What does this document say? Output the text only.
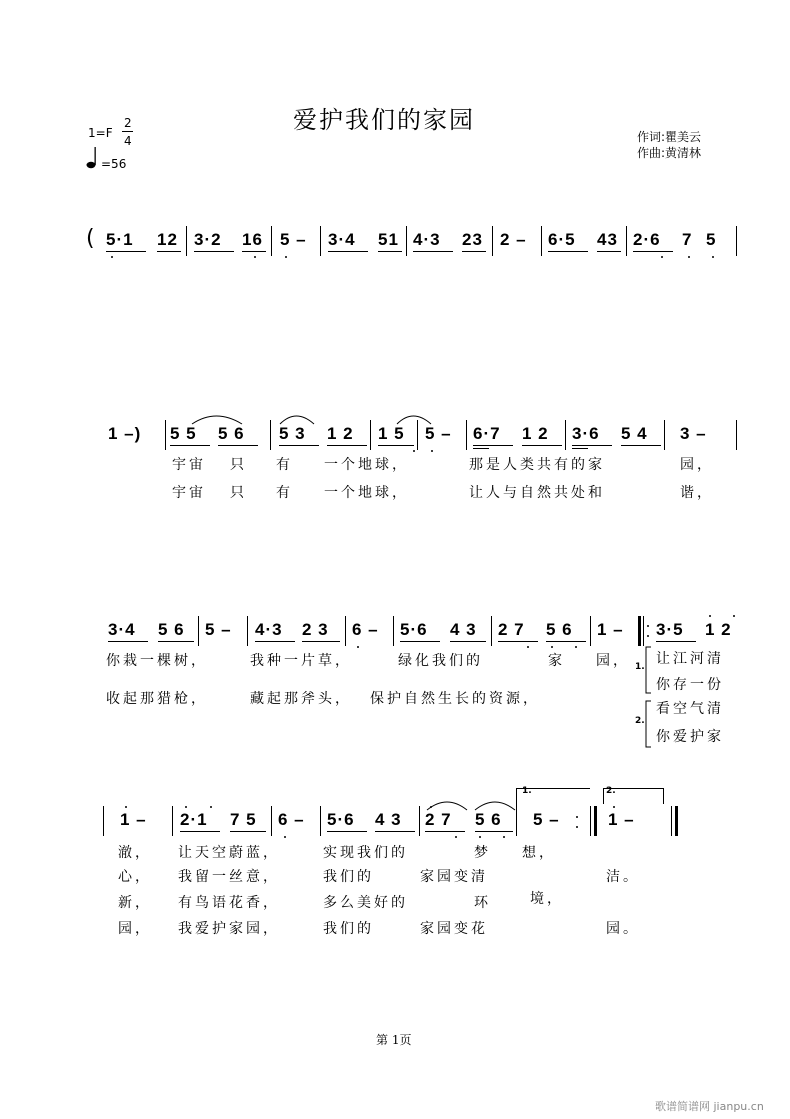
爱护我们的家园
1=F
2
4
=56
作词:瞿美云
作曲:黄清林
( 5·1 12 3·2 16 5 – 3·4 51 4·3 23 2 – 6·5 43 2·6 7 5
1 –) 5 5 5 6 5 3 1 2 1 5 5 – 6·7 1 2 3·6 5 4 3 –
宇宙 只 有 一个地球，	那是人类共有的家	园，
宇宙 只 有 一个地球，	让人与自然共处和	谐，
3·4 5 6 5 – 4·3 2 3 6 – 5·6 4 3 2 7 5 6 1 – 3·5 1 2
你栽一棵树，	我种一片草，	绿化我们的	家 园，
收起那猎枪，	藏起那斧头， 保护自然生长的资源，
1. 让江河清
你存一份
2.
看空气清
你爱护家
1 – 2·1 7 5 6 – 5·6 4 3 2 7 5 6 5 –	1 –
1.	2.
澈， 让天空蔚蓝，	实现我们的	梦 想，
心， 我留一丝意，	我们的	家园变清	洁。
新， 有鸟语花香，	多么美好的	环	境，
园， 我爱护家园，	我们的	家园变花	园。
第 1页
歌谱简谱网 jianpu.cn
